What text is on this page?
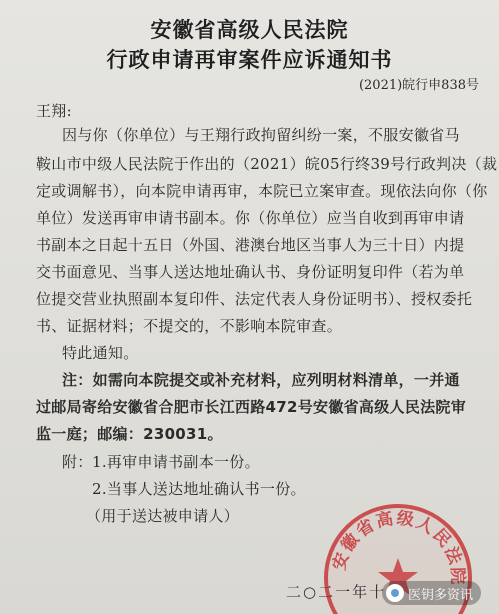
安徽省高级人民法院
行政申请再审案件应诉通知书
(2021)皖行申838号
王翔:
因与你（你单位）与王翔行政拘留纠纷一案，不服安徽省马
鞍山市中级人民法院于作出的（2021）皖05行终39号行政判决（裁
定或调解书），向本院申请再审，本院已立案审查。现依法向你（你
单位）发送再审申请书副本。你（你单位）应当自收到再审申请
书副本之日起十五日（外国、港澳台地区当事人为三十日）内提
交书面意见、当事人送达地址确认书、身份证明复印件（若为单
位提交营业执照副本复印件、法定代表人身份证明书）、授权委托
书、证据材料；不提交的，不影响本院审查。
特此通知。
注：如需向本院提交或补充材料，应列明材料清单，一并通
过邮局寄给安徽省合肥市长江西路472号安徽省高级人民法院审
监一庭；邮编：230031。
附： 1.再审申请书副本一份。
2.当事人送达地址确认书一份。
（用于送达被申请人）
安徽省高级人民法院
二○二一年十 医钥多资讯
